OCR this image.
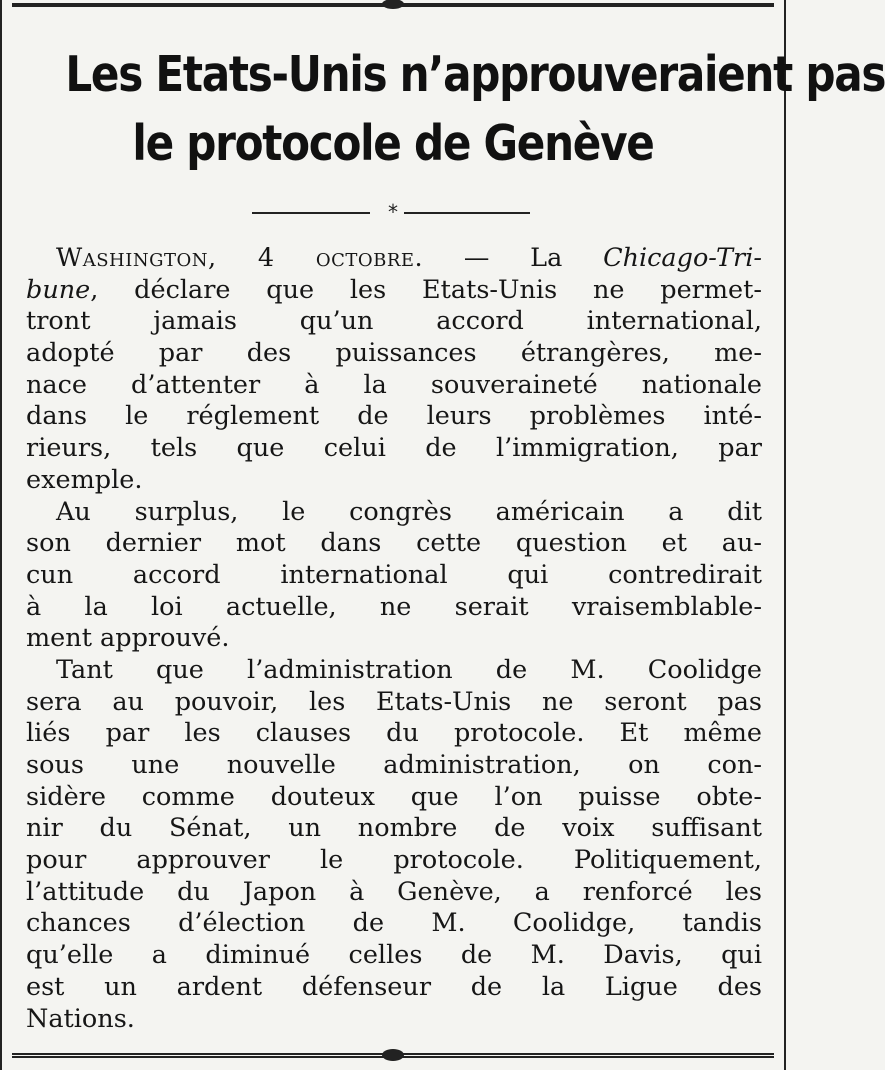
Les Etats-Unis n’approuveraient pas
le protocole de Genève
*
Washington, 4 octobre. — La Chicago-Tri-
bune, déclare que les Etats-Unis ne permet-
tront jamais qu’un accord international,
adopté par des puissances étrangères, me-
nace d’attenter à la souveraineté nationale
dans le réglement de leurs problèmes inté-
rieurs, tels que celui de l’immigration, par
exemple.
Au surplus, le congrès américain a dit
son dernier mot dans cette question et au-
cun accord international qui contredirait
à la loi actuelle, ne serait vraisemblable-
ment approuvé.
Tant que l’administration de M. Coolidge
sera au pouvoir, les Etats-Unis ne seront pas
liés par les clauses du protocole. Et même
sous une nouvelle administration, on con-
sidère comme douteux que l’on puisse obte-
nir du Sénat, un nombre de voix suffisant
pour approuver le protocole. Politiquement,
l’attitude du Japon à Genève, a renforcé les
chances d’élection de M. Coolidge, tandis
qu’elle a diminué celles de M. Davis, qui
est un ardent défenseur de la Ligue des
Nations.
